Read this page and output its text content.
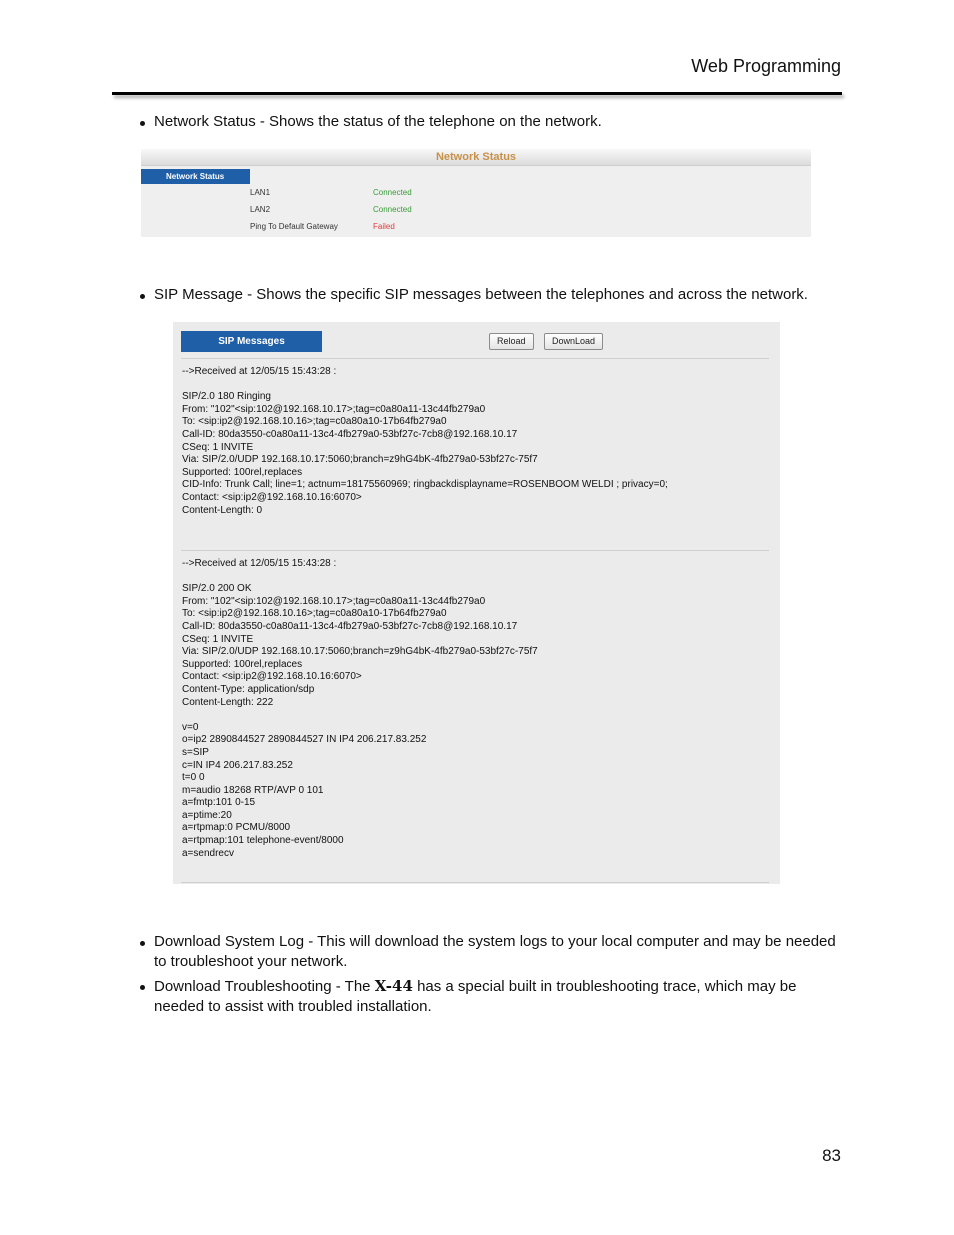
Web Programming
Network Status - Shows the status of the telephone on the network.
Network Status
Network Status
LAN1	Connected
LAN2	Connected
Ping To Default Gateway	Failed
SIP Message - Shows the specific SIP messages between the telephones and across the network.
SIP Messages	Reload	DownLoad
-->Received at 12/05/15 15:43:28 :

SIP/2.0 180 Ringing
From: "102"<sip:102@192.168.10.17>;tag=c0a80a11-13c44fb279a0
To: <sip:ip2@192.168.10.16>;tag=c0a80a10-17b64fb279a0
Call-ID: 80da3550-c0a80a11-13c4-4fb279a0-53bf27c-7cb8@192.168.10.17
CSeq: 1 INVITE
Via: SIP/2.0/UDP 192.168.10.17:5060;branch=z9hG4bK-4fb279a0-53bf27c-75f7
Supported: 100rel,replaces
CID-Info: Trunk Call; line=1; actnum=18175560969; ringbackdisplayname=ROSENBOOM WELDI ; privacy=0;
Contact: <sip:ip2@192.168.10.16:6070>
Content-Length: 0
-->Received at 12/05/15 15:43:28 :

SIP/2.0 200 OK
From: "102"<sip:102@192.168.10.17>;tag=c0a80a11-13c44fb279a0
To: <sip:ip2@192.168.10.16>;tag=c0a80a10-17b64fb279a0
Call-ID: 80da3550-c0a80a11-13c4-4fb279a0-53bf27c-7cb8@192.168.10.17
CSeq: 1 INVITE
Via: SIP/2.0/UDP 192.168.10.17:5060;branch=z9hG4bK-4fb279a0-53bf27c-75f7
Supported: 100rel,replaces
Contact: <sip:ip2@192.168.10.16:6070>
Content-Type: application/sdp
Content-Length: 222

v=0
o=ip2 2890844527 2890844527 IN IP4 206.217.83.252
s=SIP
c=IN IP4 206.217.83.252
t=0 0
m=audio 18268 RTP/AVP 0 101
a=fmtp:101 0-15
a=ptime:20
a=rtpmap:0 PCMU/8000
a=rtpmap:101 telephone-event/8000
a=sendrecv
Download System Log - This will download the system logs to your local computer and may be needed to troubleshoot your network.
Download Troubleshooting - The X-44 has a special built in troubleshooting trace, which may be needed to assist with troubled installation.
83
